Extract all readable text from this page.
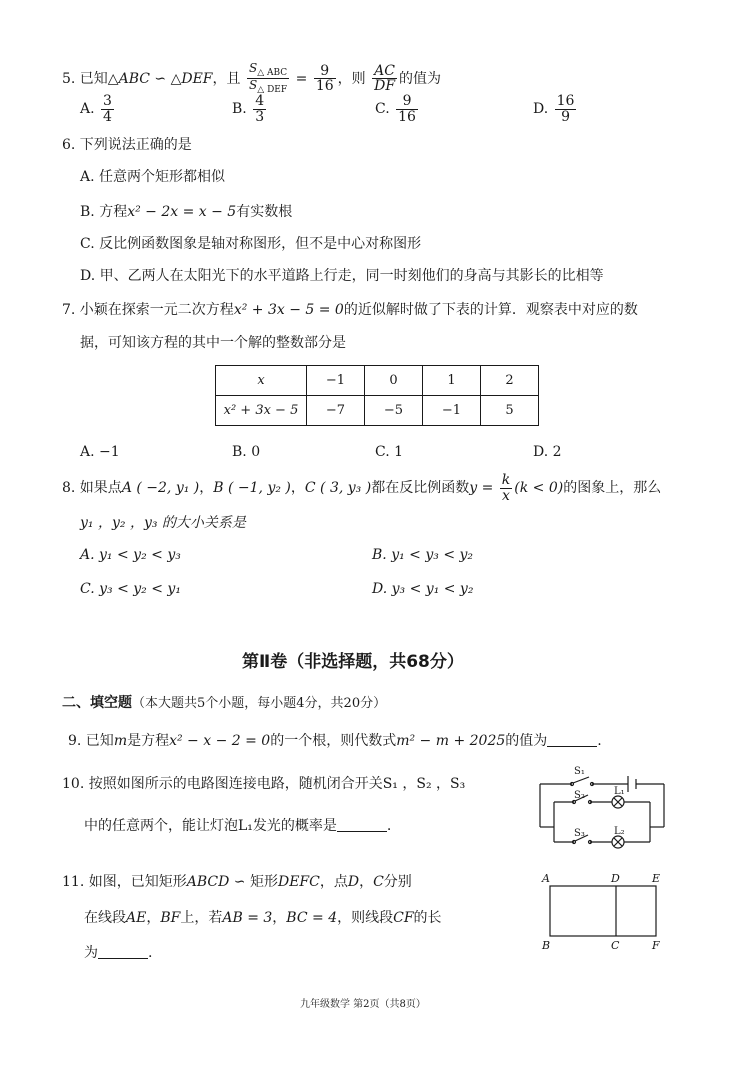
5. 已知△ABC ∽ △DEF，且 $\frac{S_{\triangle ABC}}{S_{\triangle DEF}} = \frac{9}{16}$ ，则 $\frac{AC}{DF}$ 的值为
A. $\frac{3}{4}$	B. $\frac{4}{3}$	C. $\frac{9}{16}$	D. $\frac{16}{9}$
6. 下列说法正确的是
A. 任意两个矩形都相似
B. 方程x² − 2x = x − 5有实数根
C. 反比例函数图象是轴对称图形，但不是中心对称图形
D. 甲、乙两人在太阳光下的水平道路上行走，同一时刻他们的身高与其影长的比相等
7. 小颖在探索一元二次方程x² + 3x − 5 = 0的近似解时做了下表的计算．观察表中对应的数
据，可知该方程的其中一个解的整数部分是
x	−1	0	1	2
x² + 3x − 5	−7	−5	−1	5
A. −1	B. 0	C. 1	D. 2
8. 如果点A ( −2, y₁ )，B ( −1, y₂ )，C ( 3, y₃ )都在反比例函数$y = \frac{k}{x} (k < 0)$的图象上，那么
y₁ ，y₂ ，y₃ 的大小关系是
A. y₁ < y₂ < y₃	B. y₁ < y₃ < y₂
C. y₃ < y₂ < y₁	D. y₃ < y₁ < y₂
第Ⅱ卷（非选择题，共68分）
二、填空题（本大题共5个小题，每小题4分，共20分）
9. 已知m是方程x² − x − 2 = 0的一个根，则代数式m² − m + 2025的值为	.
10. 按照如图所示的电路图连接电路，随机闭合开关S₁ ，S₂ ，S₃
中的任意两个，能让灯泡L₁发光的概率是	.
S₁
S₂
S₃
L₁
L₂
11. 如图，已知矩形ABCD ∽ 矩形DEFC，点D，C分别
在线段AE，BF上，若AB = 3，BC = 4，则线段CF的长
为	.
A	D	E
B	C	F
九年级数学 第2页（共8页）
